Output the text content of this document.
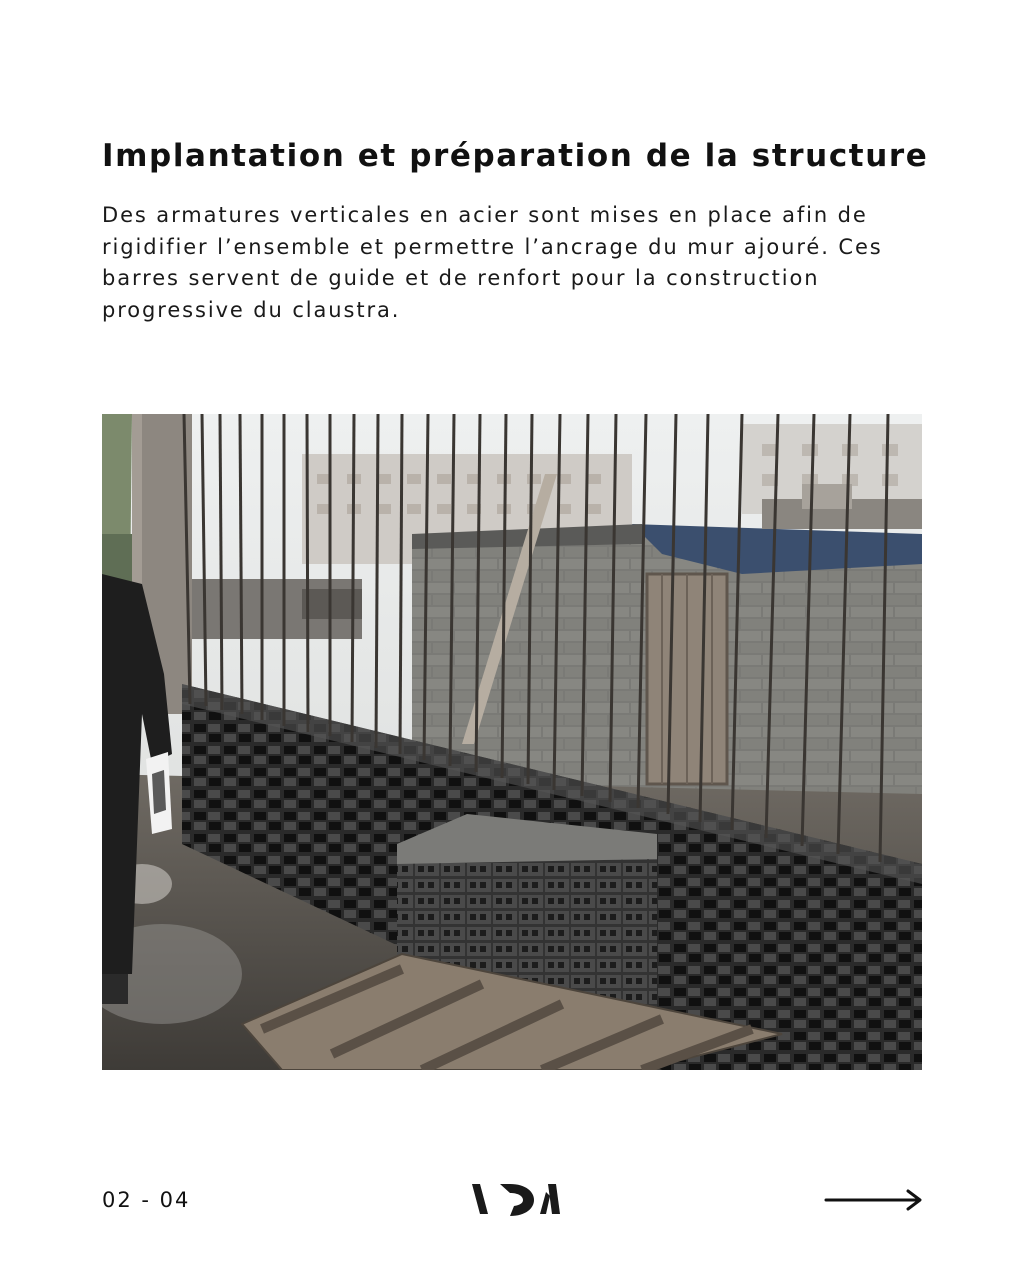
Implantation et préparation de la structure

Des armatures verticales en acier sont mises en place afin de rigidifier l’ensemble et permettre l’ancrage du mur ajouré. Ces barres servent de guide et de renfort pour la construction progressive du claustra.

02 - 04
